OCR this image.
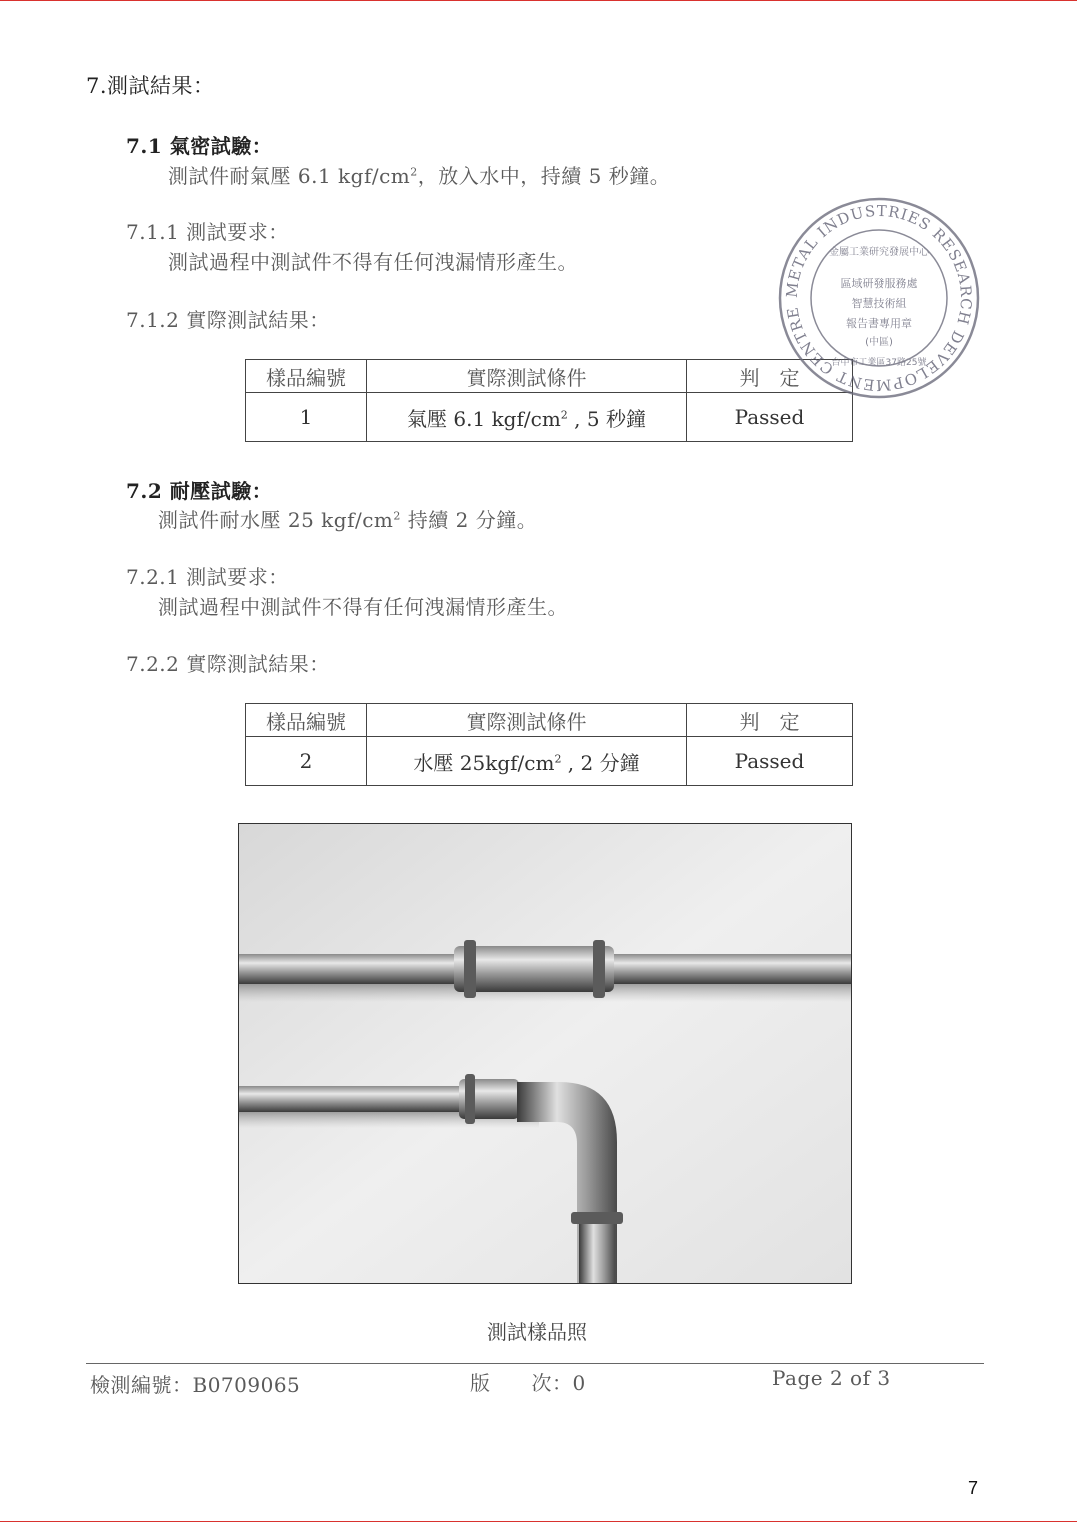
7.測試結果：
7.1 氣密試驗：
測試件耐氣壓 6.1 kgf/$cm^2$，放入水中，持續 5 秒鐘。
7.1.1 測試要求：
測試過程中測試件不得有任何洩漏情形產生。
7.1.2 實際測試結果：
樣品編號	實際測試條件	判　定
1	氣壓 6.1 kgf/$cm^2$ , 5 秒鐘	Passed
METAL INDUSTRIES RESEARCH DEVELOPMENT CENTRE
金屬工業研究發展中心
區域研發服務處
智慧技術組
報告書專用章
(中區)
台中市工業區37路25號
7.2 耐壓試驗：
測試件耐水壓 25 kgf/$cm^2$ 持續 2 分鐘。
7.2.1 測試要求：
測試過程中測試件不得有任何洩漏情形產生。
7.2.2 實際測試結果：
樣品編號	實際測試條件	判　定
2	水壓 $25kgf/cm^2$ , 2 分鐘	Passed
測試樣品照
檢測編號：B0709065	版　　次：0	Page 2 of 3
7
